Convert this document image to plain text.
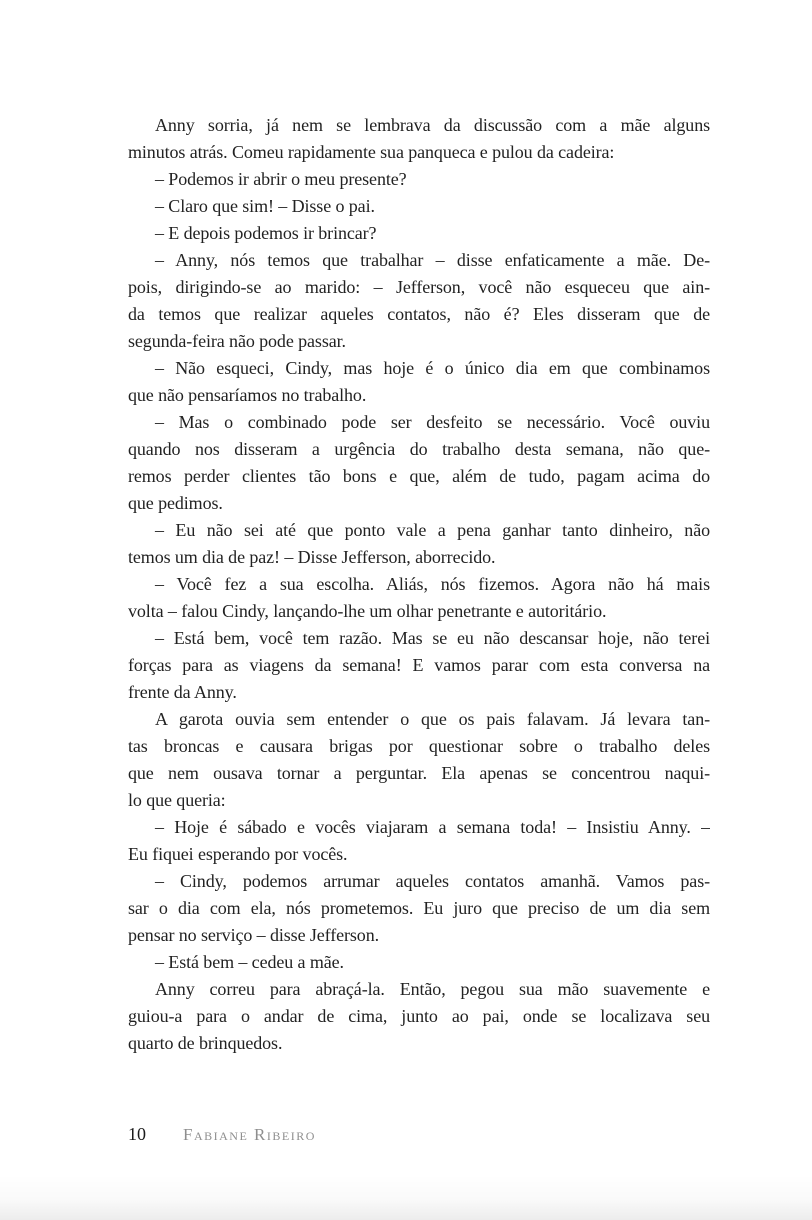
Anny sorria, já nem se lembrava da discussão com a mãe alguns
minutos atrás. Comeu rapidamente sua panqueca e pulou da cadeira:
– Podemos ir abrir o meu presente?
– Claro que sim! – Disse o pai.
– E depois podemos ir brincar?
– Anny, nós temos que trabalhar – disse enfaticamente a mãe. De-
pois, dirigindo-se ao marido: – Jefferson, você não esqueceu que ain-
da temos que realizar aqueles contatos, não é? Eles disseram que de
segunda-feira não pode passar.
– Não esqueci, Cindy, mas hoje é o único dia em que combinamos
que não pensaríamos no trabalho.
– Mas o combinado pode ser desfeito se necessário. Você ouviu
quando nos disseram a urgência do trabalho desta semana, não que-
remos perder clientes tão bons e que, além de tudo, pagam acima do
que pedimos.
– Eu não sei até que ponto vale a pena ganhar tanto dinheiro, não
temos um dia de paz! – Disse Jefferson, aborrecido.
– Você fez a sua escolha. Aliás, nós fizemos. Agora não há mais
volta – falou Cindy, lançando-lhe um olhar penetrante e autoritário.
– Está bem, você tem razão. Mas se eu não descansar hoje, não terei
forças para as viagens da semana! E vamos parar com esta conversa na
frente da Anny.
A garota ouvia sem entender o que os pais falavam. Já levara tan-
tas broncas e causara brigas por questionar sobre o trabalho deles
que nem ousava tornar a perguntar. Ela apenas se concentrou naqui-
lo que queria:
– Hoje é sábado e vocês viajaram a semana toda! – Insistiu Anny. –
Eu fiquei esperando por vocês.
– Cindy, podemos arrumar aqueles contatos amanhã. Vamos pas-
sar o dia com ela, nós prometemos. Eu juro que preciso de um dia sem
pensar no serviço – disse Jefferson.
– Está bem – cedeu a mãe.
Anny correu para abraçá-la. Então, pegou sua mão suavemente e
guiou-a para o andar de cima, junto ao pai, onde se localizava seu
quarto de brinquedos.
10 Fabiane Ribeiro
